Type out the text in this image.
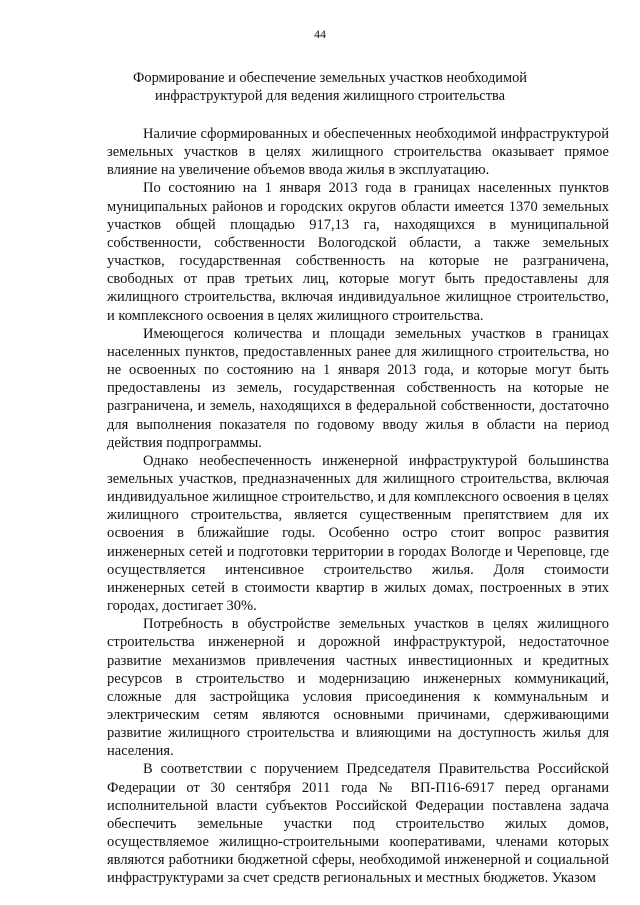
44
Формирование и обеспечение земельных участков необходимой инфраструктурой для ведения жилищного строительства

Наличие сформированных и обеспеченных необходимой инфраструктурой земельных участков в целях жилищного строительства оказывает прямое влияние на увеличение объемов ввода жилья в эксплуатацию.

По состоянию на 1 января 2013 года в границах населенных пунктов муниципальных районов и городских округов области имеется 1370 земельных участков общей площадью 917,13 га, находящихся в муниципальной собственности, собственности Вологодской области, а также земельных участков, государственная собственность на которые не разграничена, свободных от прав третьих лиц, которые могут быть предоставлены для жилищного строительства, включая индивидуальное жилищное строительство, и комплексного освоения в целях жилищного строительства.

Имеющегося количества и площади земельных участков в границах населенных пунктов, предоставленных ранее для жилищного строительства, но не освоенных по состоянию на 1 января 2013 года, и которые могут быть предоставлены из земель, государственная собственность на которые не разграничена, и земель, находящихся в федеральной собственности, достаточно для выполнения показателя по годовому вводу жилья в области на период действия подпрограммы.

Однако необеспеченность инженерной инфраструктурой большинства земельных участков, предназначенных для жилищного строительства, включая индивидуальное жилищное строительство, и для комплексного освоения в целях жилищного строительства, является существенным препятствием для их освоения в ближайшие годы. Особенно остро стоит вопрос развития инженерных сетей и подготовки территории в городах Вологде и Череповце, где осуществляется интенсивное строительство жилья. Доля стоимости инженерных сетей в стоимости квартир в жилых домах, построенных в этих городах, достигает 30%.

Потребность в обустройстве земельных участков в целях жилищного строительства инженерной и дорожной инфраструктурой, недостаточное развитие механизмов привлечения частных инвестиционных и кредитных ресурсов в строительство и модернизацию инженерных коммуникаций, сложные для застройщика условия присоединения к коммунальным и электрическим сетям являются основными причинами, сдерживающими развитие жилищного строительства и влияющими на доступность жилья для населения.

В соответствии с поручением Председателя Правительства Российской Федерации от 30 сентября 2011 года № ВП-П16-6917 перед органами исполнительной власти субъектов Российской Федерации поставлена задача обеспечить земельные участки под строительство жилых домов, осуществляемое жилищно-строительными кооперативами, членами которых являются работники бюджетной сферы, необходимой инженерной и социальной инфраструктурами за счет средств региональных и местных бюджетов. Указом
